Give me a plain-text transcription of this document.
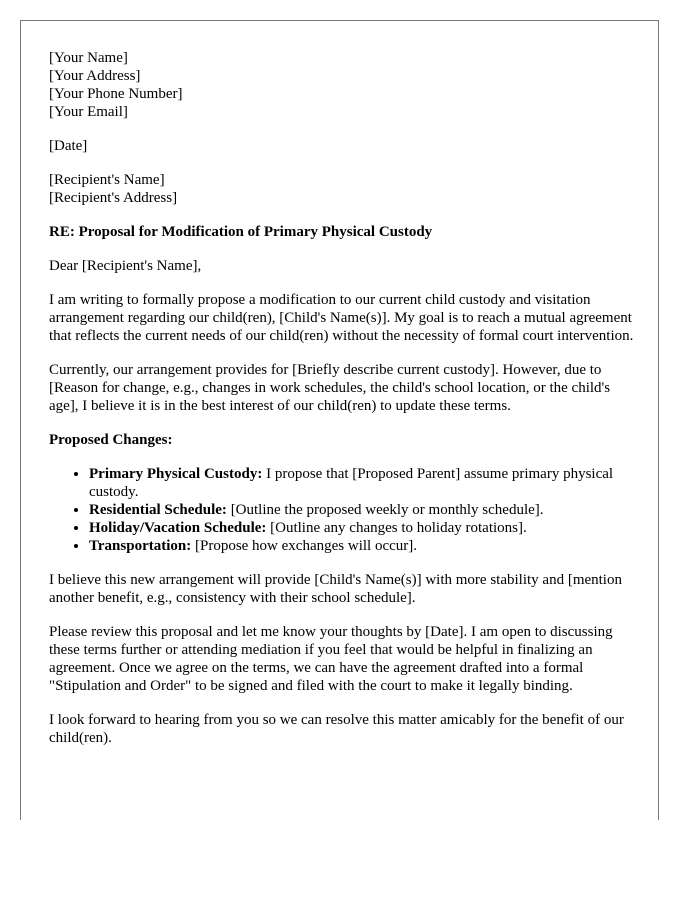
[Your Name]
[Your Address]
[Your Phone Number]
[Your Email]
[Date]
[Recipient's Name]
[Recipient's Address]

RE: Proposal for Modification of Primary Physical Custody

Dear [Recipient's Name],

I am writing to formally propose a modification to our current child custody and visitation arrangement regarding our child(ren), [Child's Name(s)]. My goal is to reach a mutual agreement that reflects the current needs of our child(ren) without the necessity of formal court intervention.

Currently, our arrangement provides for [Briefly describe current custody]. However, due to [Reason for change, e.g., changes in work schedules, the child's school location, or the child's age], I believe it is in the best interest of our child(ren) to update these terms.

Proposed Changes:

• Primary Physical Custody: I propose that [Proposed Parent] assume primary physical custody.
• Residential Schedule: [Outline the proposed weekly or monthly schedule].
• Holiday/Vacation Schedule: [Outline any changes to holiday rotations].
• Transportation: [Propose how exchanges will occur].

I believe this new arrangement will provide [Child's Name(s)] with more stability and [mention another benefit, e.g., consistency with their school schedule].

Please review this proposal and let me know your thoughts by [Date]. I am open to discussing these terms further or attending mediation if you feel that would be helpful in finalizing an agreement. Once we agree on the terms, we can have the agreement drafted into a formal "Stipulation and Order" to be signed and filed with the court to make it legally binding.

I look forward to hearing from you so we can resolve this matter amicably for the benefit of our child(ren).
